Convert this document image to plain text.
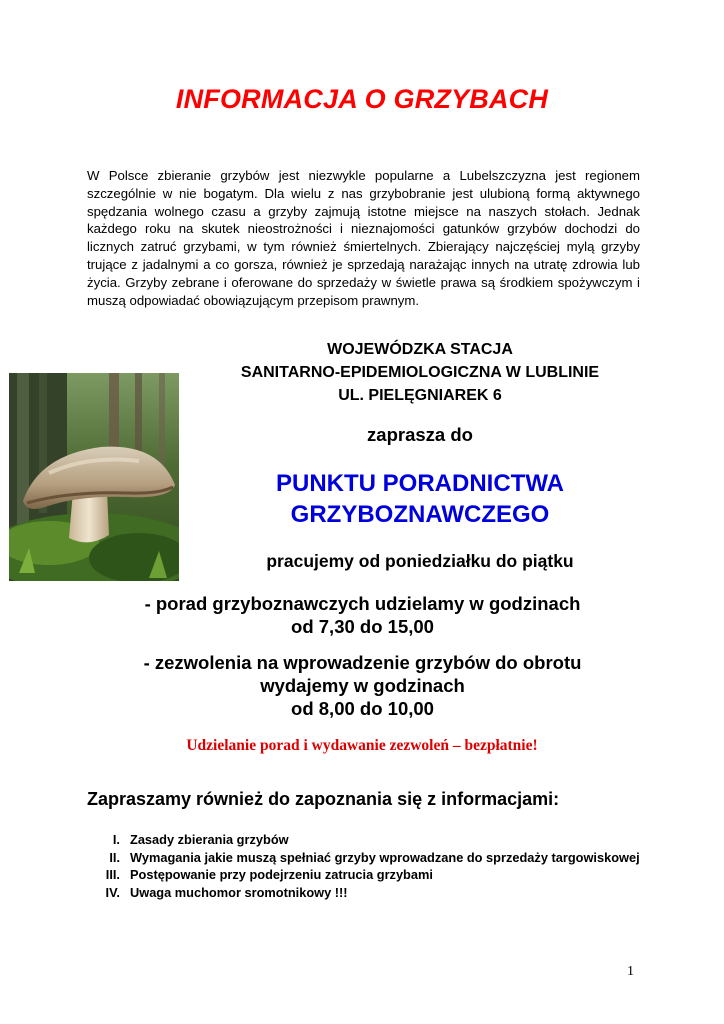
INFORMACJA O GRZYBACH
W Polsce zbieranie grzybów jest niezwykle popularne a Lubelszczyzna jest regionem szczególnie w nie bogatym. Dla wielu z nas grzybobranie jest ulubioną formą aktywnego spędzania wolnego czasu a grzyby zajmują istotne miejsce na naszych stołach. Jednak każdego roku na skutek nieostrożności i nieznajomości gatunków grzybów dochodzi do licznych zatruć grzybami, w tym również śmiertelnych. Zbierający najczęściej mylą grzyby trujące z jadalnymi a co gorsza, również je sprzedają narażając innych na utratę zdrowia lub życia. Grzyby zebrane i oferowane do sprzedaży w świetle prawa są środkiem spożywczym i muszą odpowiadać obowiązującym przepisom prawnym.
WOJEWÓDZKA STACJA
SANITARNO-EPIDEMIOLOGICZNA W LUBLINIE
UL. PIELĘGNIAREK 6
zaprasza do
PUNKTU PORADNICTWA
GRZYBOZNAWCZEGO
pracujemy od poniedziałku do piątku
- porad grzyboznawczych udzielamy w godzinach
od 7,30 do 15,00
- zezwolenia na wprowadzenie grzybów do obrotu
wydajemy w godzinach
od 8,00 do 10,00
Udzielanie porad i wydawanie zezwoleń – bezpłatnie!
Zapraszamy również do zapoznania się z informacjami:
I. Zasady zbierania grzybów
II. Wymagania jakie muszą spełniać grzyby wprowadzane do sprzedaży targowiskowej
III. Postępowanie przy podejrzeniu zatrucia grzybami
IV. Uwaga muchomor sromotnikowy !!!
1
